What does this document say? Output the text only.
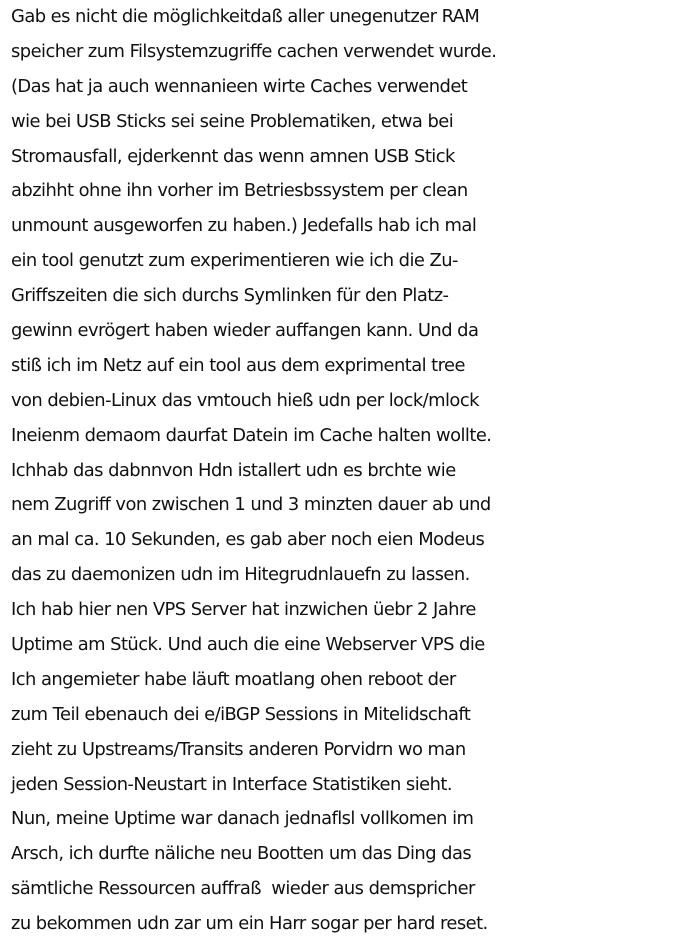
Gab es nicht die möglichkeitdaß aller unegenutzer RAM
speicher zum Filsystemzugriffe cachen verwendet wurde.
(Das hat ja auch wennanieen wirte Caches verwendet
wie bei USB Sticks sei seine Problematiken, etwa bei
Stromausfall, ejderkennt das wenn amnen USB Stick
abzihht ohne ihn vorher im Betriesbssystem per clean
unmount ausgeworfen zu haben.) Jedefalls hab ich mal
ein tool genutzt zum experimentieren wie ich die Zu-
Griffszeiten die sich durchs Symlinken für den Platz-
gewinn evrögert haben wieder auffangen kann. Und da
stiß ich im Netz auf ein tool aus dem exprimental tree
von debien-Linux das vmtouch hieß udn per lock/mlock
Ineienm demaom daurfat Datein im Cache halten wollte.
Ichhab das dabnnvon Hdn istallert udn es brchte wie
nem Zugriff von zwischen 1 und 3 minzten dauer ab und
an mal ca. 10 Sekunden, es gab aber noch eien Modeus
das zu daemonizen udn im Hitegrudnlauefn zu lassen.
Ich hab hier nen VPS Server hat inzwichen üebr 2 Jahre
Uptime am Stück. Und auch die eine Webserver VPS die
Ich angemieter habe läuft moatlang ohen reboot der
zum Teil ebenauch dei e/iBGP Sessions in Mitelidschaft
zieht zu Upstreams/Transits anderen Porvidrn wo man
jeden Session-Neustart in Interface Statistiken sieht.
Nun, meine Uptime war danach jednaflsl vollkomen im
Arsch, ich durfte näliche neu Bootten um das Ding das
sämtliche Ressourcen auffraß  wieder aus demspricher
zu bekommen udn zar um ein Harr sogar per hard reset.
